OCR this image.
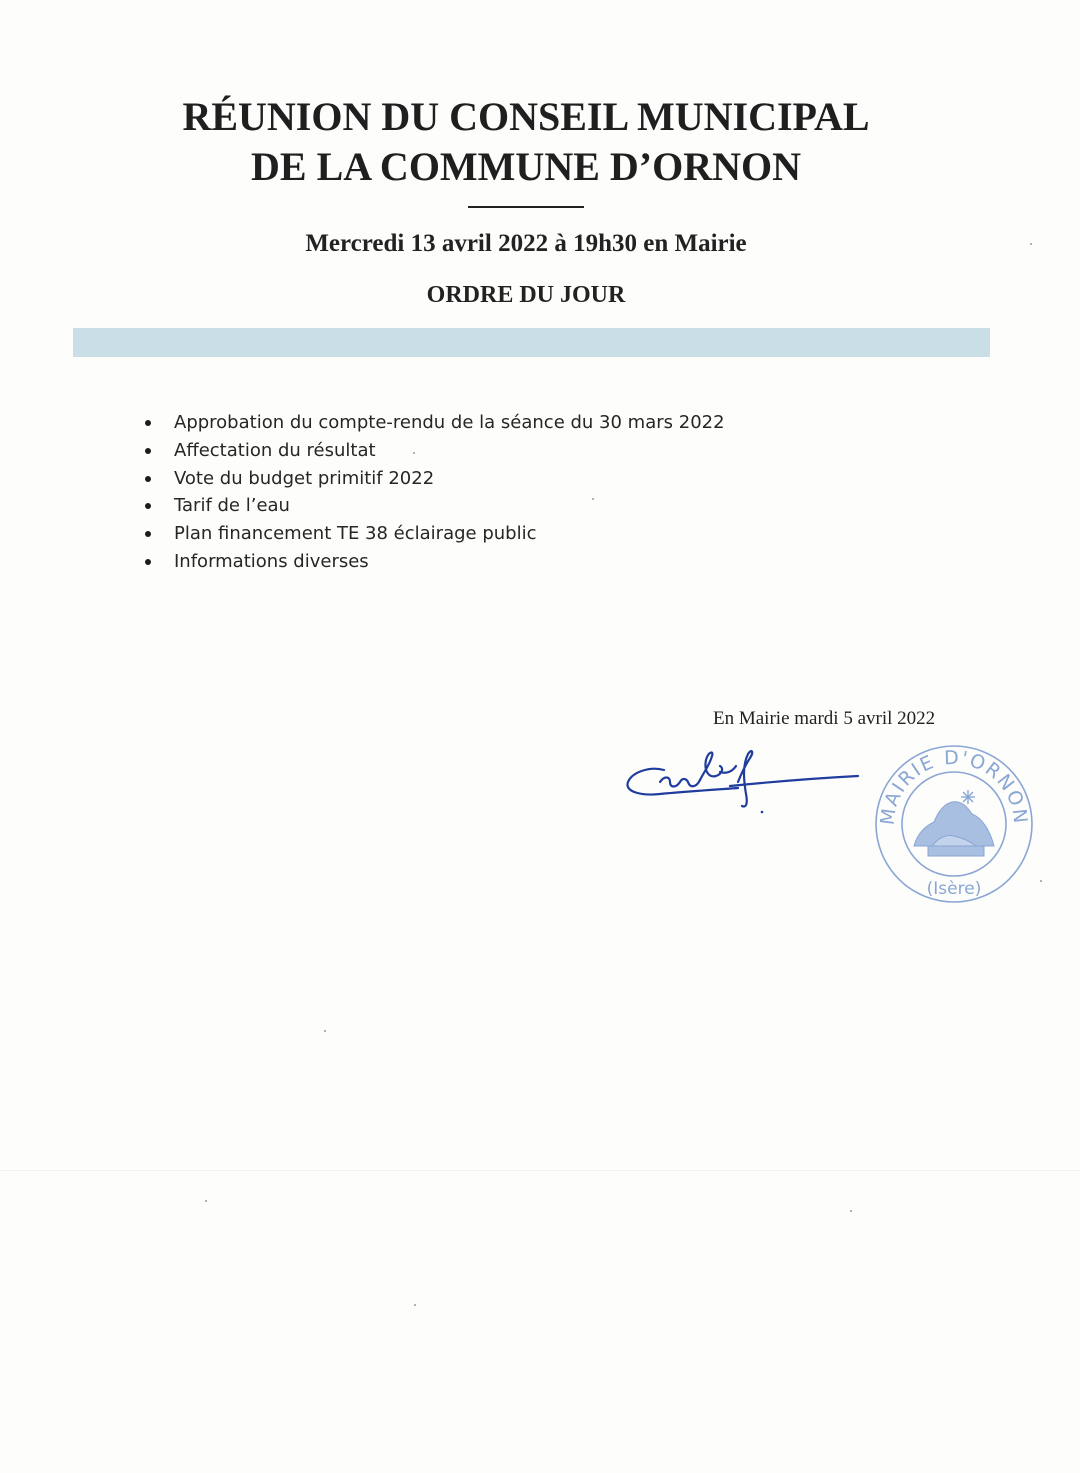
RÉUNION DU CONSEIL MUNICIPAL
DE LA COMMUNE D’ORNON
Mercredi 13 avril 2022 à 19h30 en Mairie
ORDRE DU JOUR
Approbation du compte-rendu de la séance du 30 mars 2022
Affectation du résultat
Vote du budget primitif 2022
Tarif de l’eau
Plan financement TE 38 éclairage public
Informations diverses
En Mairie mardi 5 avril 2022
MAIRIE D'ORNON
(Isère)
